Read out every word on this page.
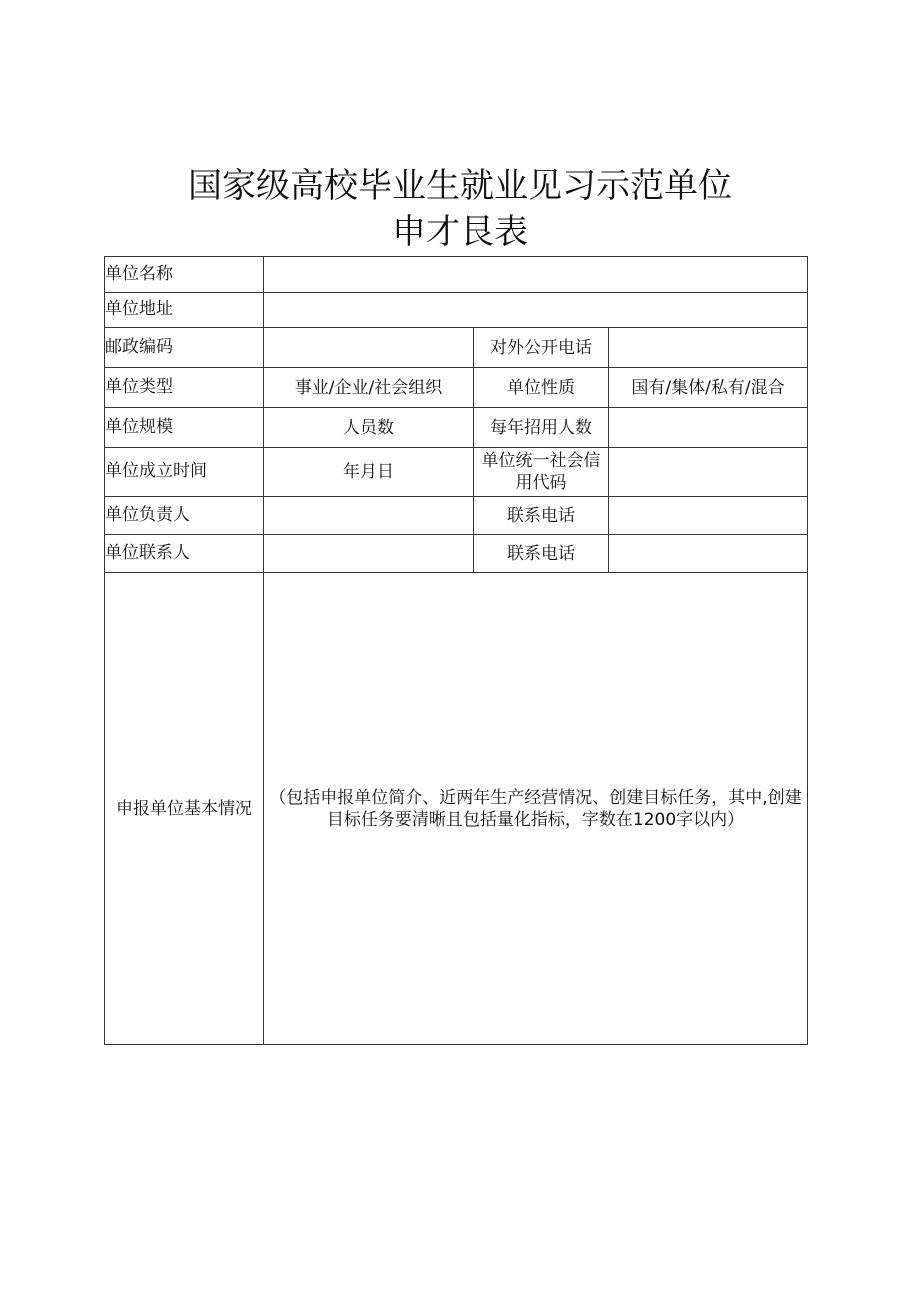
国家级高校毕业生就业见习示范单位
申才艮表
单位名称			

单位地址			

邮政编码		对外公开电话	

单位类型	事业/企业/社会组织	单位性质	国有/集体/私有/混合

单位规模	人员数	每年招用人数	

单位成立时间	年月日	单位统一社会信用代码	

单位负责人		联系电话	

单位联系人		联系电话	
申报单位基本情况	（包括申报单位简介、近两年生产经营情况、创建目标任务，其中,创建目标任务要清晰且包括量化指标，字数在1200字以内）		
